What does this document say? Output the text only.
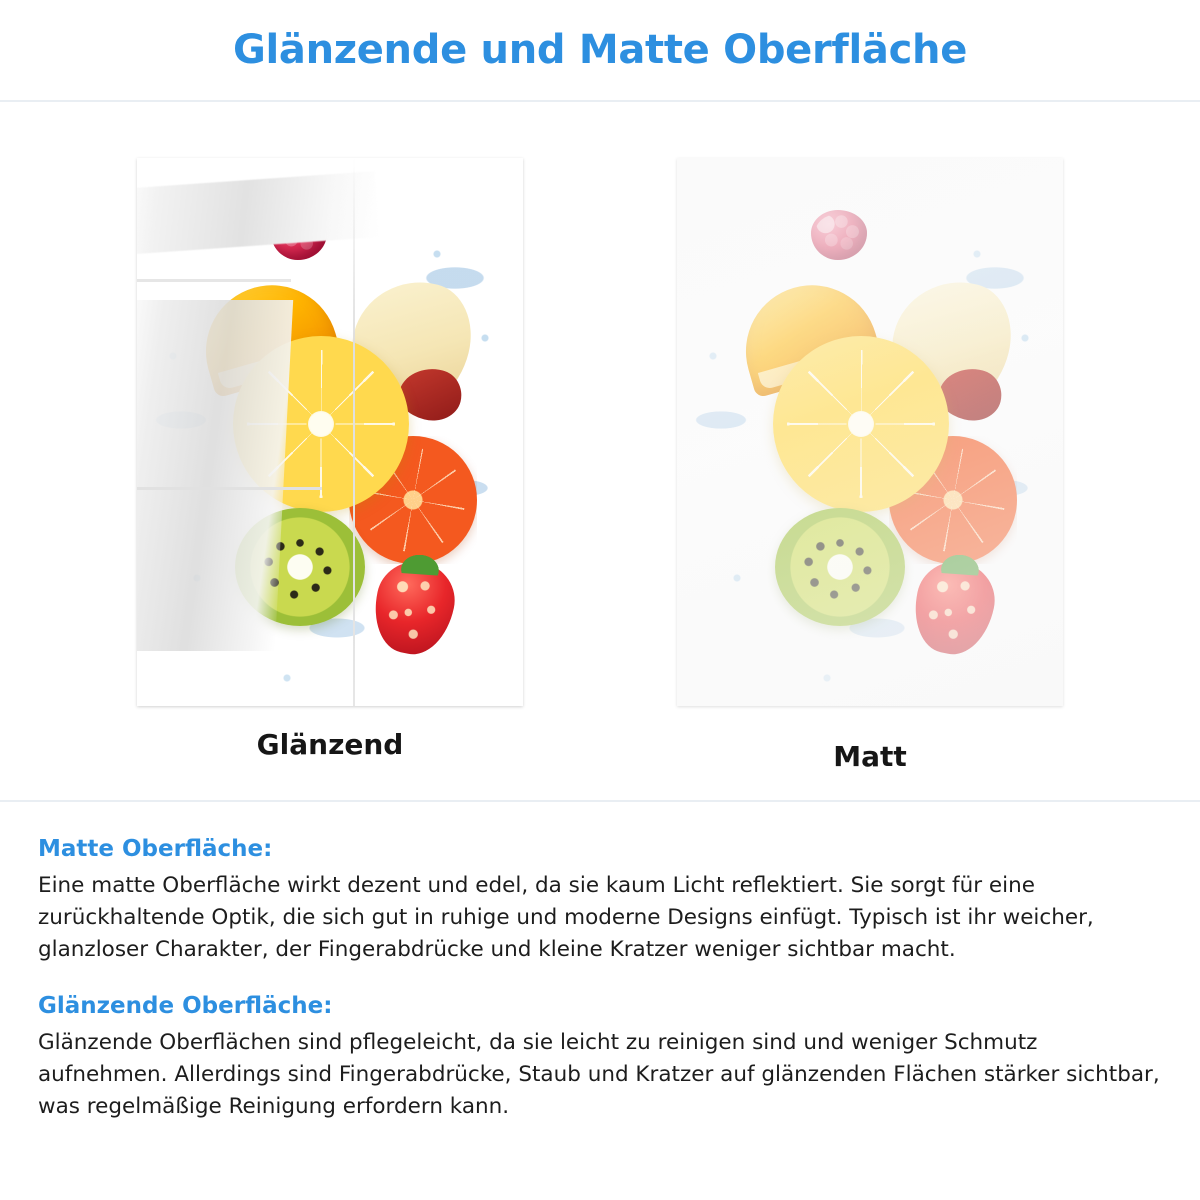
Glänzende und Matte Oberfläche
Glänzend	Matt
Matte Oberfläche:

Eine matte Oberfläche wirkt dezent und edel, da sie kaum Licht reflektiert. Sie sorgt für eine zurückhaltende Optik, die sich gut in ruhige und moderne Designs einfügt. Typisch ist ihr weicher, glanzloser Charakter, der Fingerabdrücke und kleine Kratzer weniger sichtbar macht.

Glänzende Oberfläche:

Glänzende Oberflächen sind pflegeleicht, da sie leicht zu reinigen sind und weniger Schmutz aufnehmen. Allerdings sind Fingerabdrücke, Staub und Kratzer auf glänzenden Flächen stärker sichtbar, was regelmäßige Reinigung erfordern kann.
